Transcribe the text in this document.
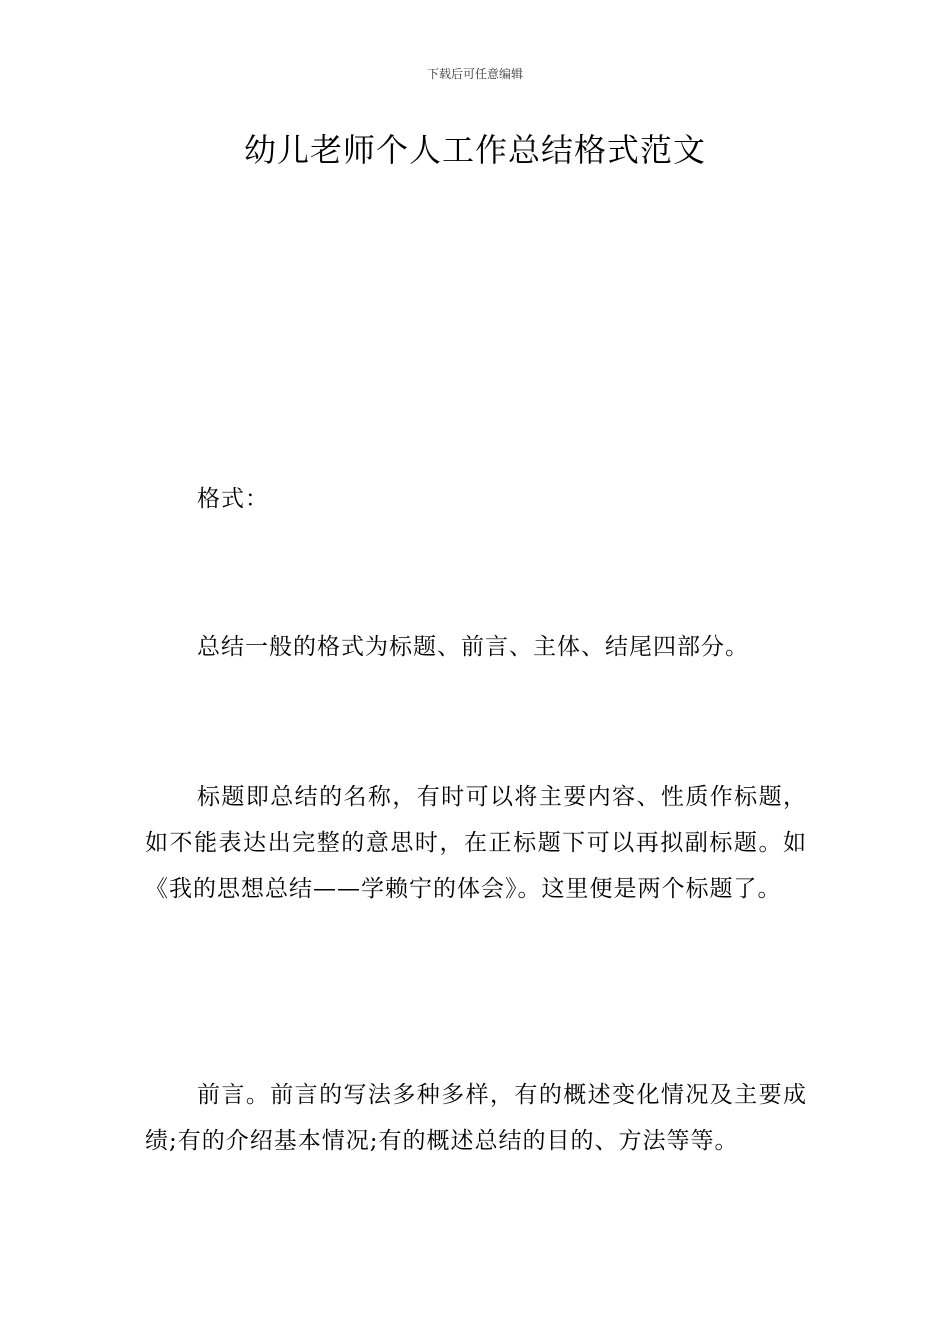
下载后可任意编辑
幼儿老师个人工作总结格式范文

格式：

总结一般的格式为标题、前言、主体、结尾四部分。

标题即总结的名称，有时可以将主要内容、性质作标题，如不能表达出完整的意思时，在正标题下可以再拟副标题。如《我的思想总结——学赖宁的体会》。这里便是两个标题了。

前言。前言的写法多种多样，有的概述变化情况及主要成绩;有的介绍基本情况;有的概述总结的目的、方法等等。
